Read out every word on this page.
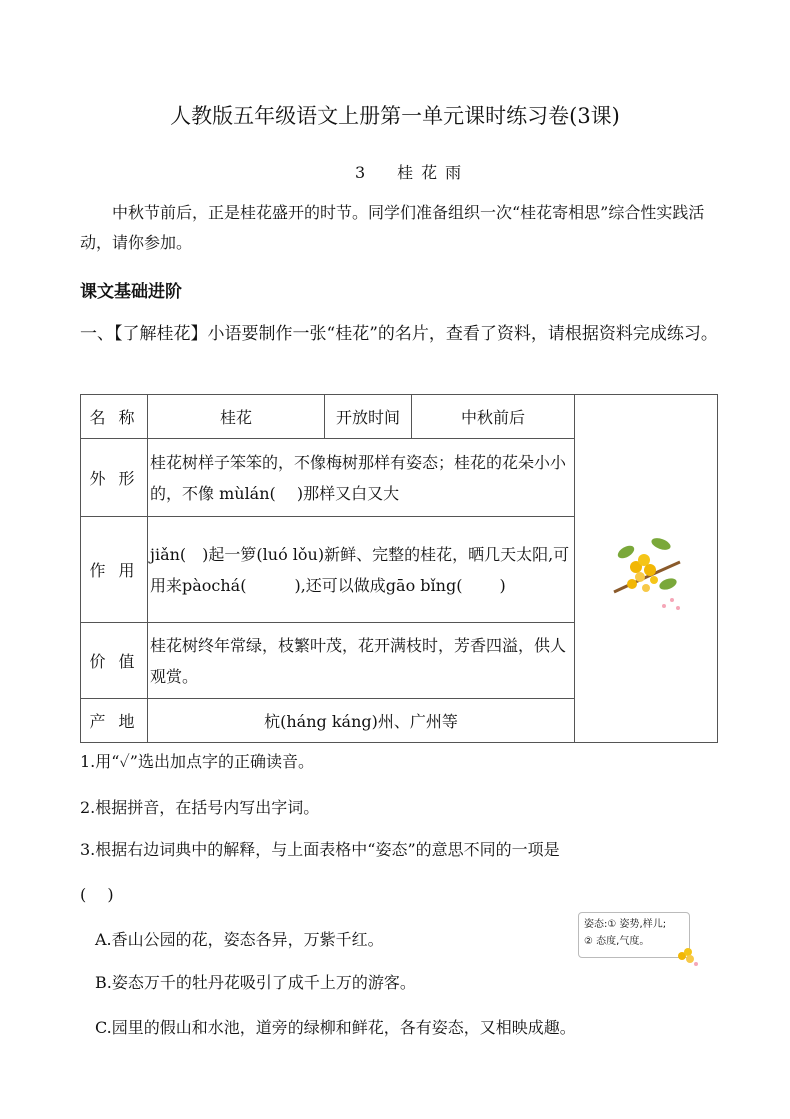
人教版五年级语文上册第一单元课时练习卷(3课)
3　桂花雨
中秋节前后，正是桂花盛开的时节。同学们准备组织一次“桂花寄相思”综合性实践活动，请你参加。
课文基础进阶
一、【了解桂花】小语要制作一张“桂花”的名片，查看了资料，请根据资料完成练习。
名 称	桂花	开放时间	中秋前后	
外 形	桂花树样子笨笨的，不像梅树那样有姿态；桂花的花朵小小的，不像 mùlán(　 )那样又白又大			
作 用	jiǎn(　)起一箩(luó lǒu)新鲜、完整的桂花，晒几天太阳,可用来pàochá(　　　),还可以做成gāo bǐng(　　 )			
价 值	桂花树终年常绿，枝繁叶茂，花开满枝时，芳香四溢，供人观赏。			
产 地	杭(háng káng)州、广州等			
1.用“✓”选出加点字的正确读音。
2.根据拼音，在括号内写出字词。
3.根据右边词典中的解释，与上面表格中“姿态”的意思不同的一项是
(　 )
A.香山公园的花，姿态各异，万紫千红。
B.姿态万千的牡丹花吸引了成千上万的游客。
C.园里的假山和水池，道旁的绿柳和鲜花，各有姿态，又相映成趣。
姿态:① 姿势,样儿;
② 态度,气度。
